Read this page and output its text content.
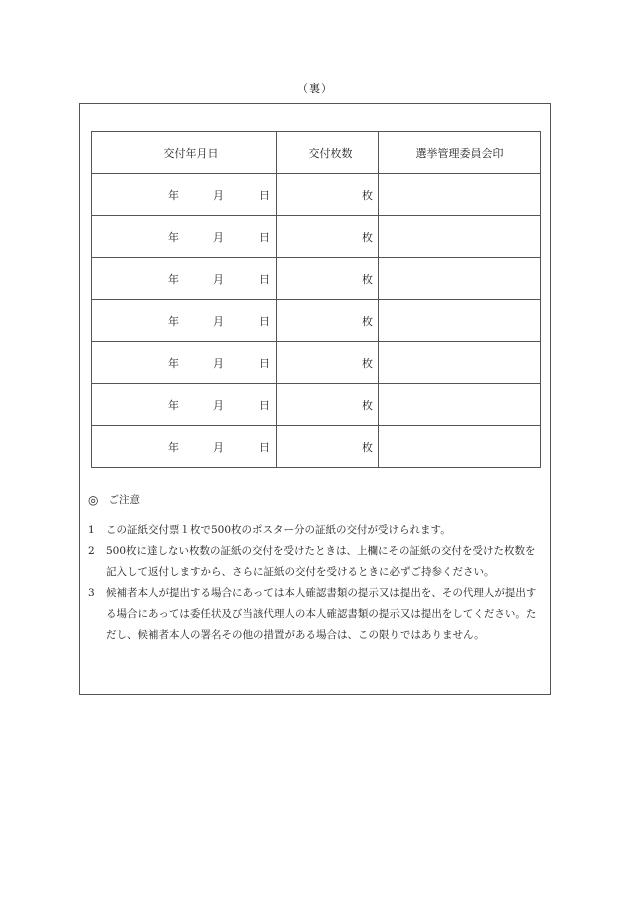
（裏）
交付年月日	交付枚数	選挙管理委員会印

年 月 日	枚	

年 月 日	枚	

年 月 日	枚	

年 月 日	枚	

年 月 日	枚	

年 月 日	枚	

年 月 日	枚	
◎ ご注意
1	この証紙交付票１枚で500枚のポスター分の証紙の交付が受けられます。
2	500枚に達しない枚数の証紙の交付を受けたときは、上欄にその証紙の交付を受けた枚数を記入して返付しますから、さらに証紙の交付を受けるときに必ずご持参ください。
3	候補者本人が提出する場合にあっては本人確認書類の提示又は提出を、その代理人が提出する場合にあっては委任状及び当該代理人の本人確認書類の提示又は提出をしてください。ただし、候補者本人の署名その他の措置がある場合は、この限りではありません。
